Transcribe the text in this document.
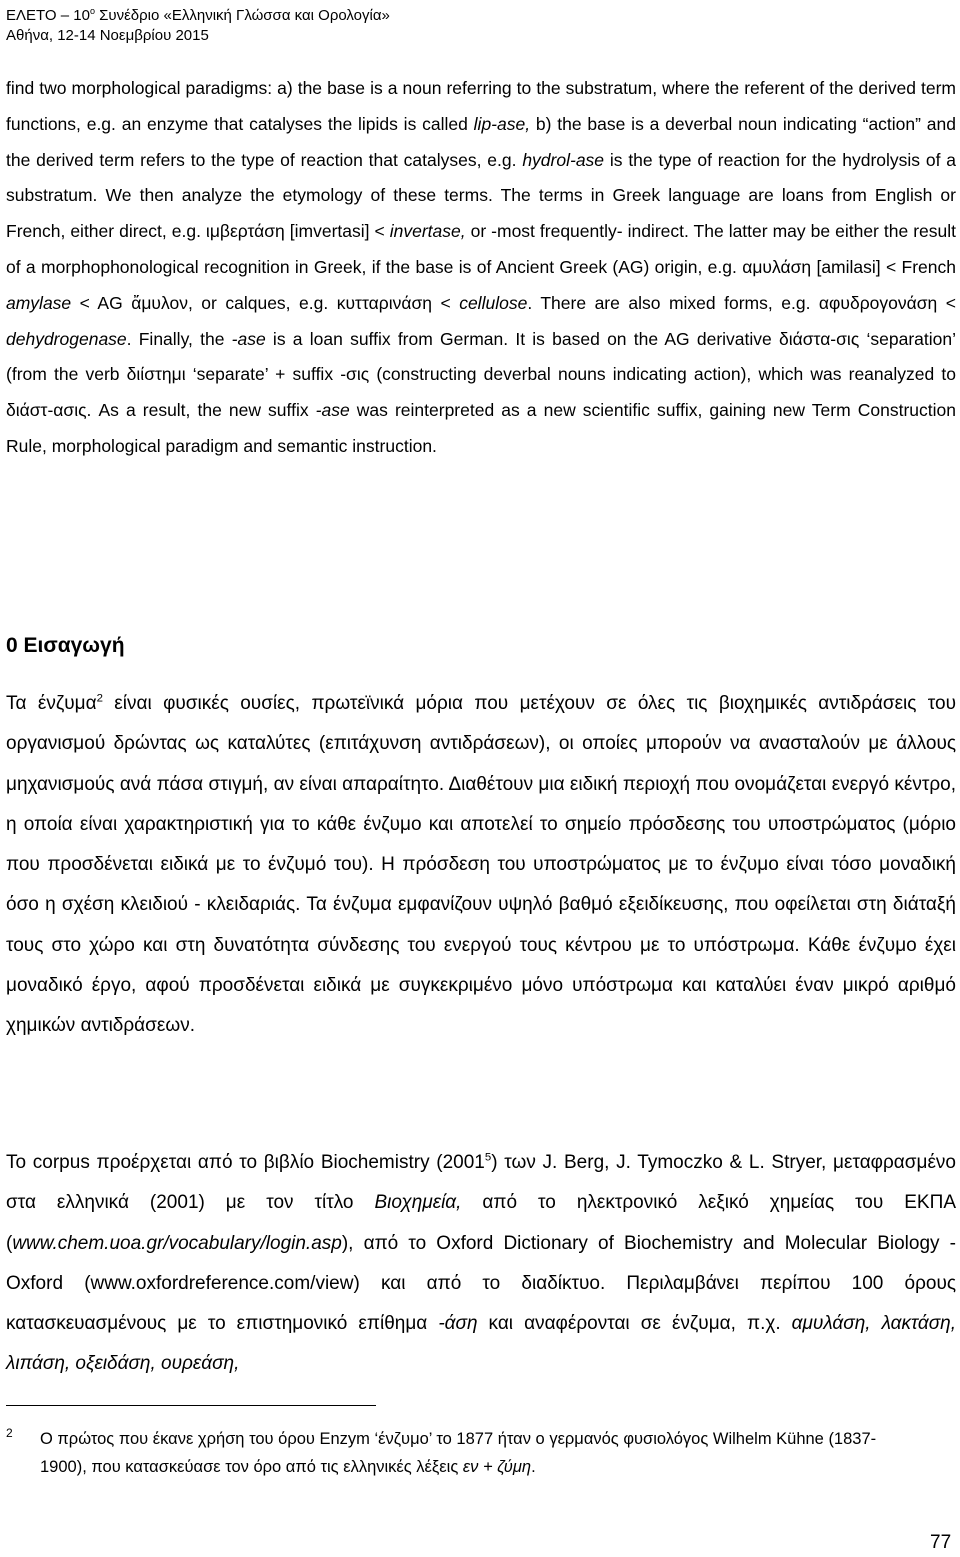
ΕΛΕΤΟ – $10^o$ Συνέδριο «Ελληνική Γλώσσα και Ορολογία»
Αθήνα, 12-14 Νοεμβρίου 2015

find two morphological paradigms: a) the base is a noun referring to the substratum, where the referent of the derived term functions, e.g. an enzyme that catalyses the lipids is called lip-ase, b) the base is a deverbal noun indicating “action” and the derived term refers to the type of reaction that catalyses, e.g. hydrol-ase is the type of reaction for the hydrolysis of a substratum. We then analyze the etymology of these terms. The terms in Greek language are loans from English or French, either direct, e.g. ιμβερτάση [imvertasi] < invertase, or -most frequently- indirect. The latter may be either the result of a morphophonological recognition in Greek, if the base is of Ancient Greek (AG) origin, e.g. αμυλάση [amilasi] < French amylase < AG ἄμυλον, or calques, e.g. κυτταρινάση < cellulose. There are also mixed forms, e.g. αφυδρογονάση < dehydrogenase. Finally, the -ase is a loan suffix from German. It is based on the AG derivative διάστα-σις ‘separation’ (from the verb διίστημι ‘separate’ + suffix -σις (constructing deverbal nouns indicating action), which was reanalyzed to διάστ-ασις. As a result, the new suffix -ase was reinterpreted as a new scientific suffix, gaining new Term Construction Rule, morphological paradigm and semantic instruction.

0 Εισαγωγή

Τα ένζυμα$^2$ είναι φυσικές ουσίες, πρωτεϊνικά μόρια που μετέχουν σε όλες τις βιοχημικές αντιδράσεις του οργανισμού δρώντας ως καταλύτες (επιτάχυνση αντιδράσεων), οι οποίες μπορούν να ανασταλούν με άλλους μηχανισμούς ανά πάσα στιγμή, αν είναι απαραίτητο. Διαθέτουν μια ειδική περιοχή που ονομάζεται ενεργό κέντρο, η οποία είναι χαρακτηριστική για το κάθε ένζυμο και αποτελεί το σημείο πρόσδεσης του υποστρώματος (μόριο που προσδένεται ειδικά με το ένζυμό του). Η πρόσδεση του υποστρώματος με το ένζυμο είναι τόσο μοναδική όσο η σχέση κλειδιού - κλειδαριάς. Τα ένζυμα εμφανίζουν υψηλό βαθμό εξειδίκευσης, που οφείλεται στη διάταξή τους στο χώρο και στη δυνατότητα σύνδεσης του ενεργού τους κέντρου με το υπόστρωμα. Κάθε ένζυμο έχει μοναδικό έργο, αφού προσδένεται ειδικά με συγκεκριμένο μόνο υπόστρωμα και καταλύει έναν μικρό αριθμό χημικών αντιδράσεων.

Το corpus προέρχεται από το βιβλίο Biochemistry (2001$^5$) των J. Berg, J. Tymoczko & L. Stryer, μεταφρασμένο στα ελληνικά (2001) με τον τίτλο Βιοχημεία, από το ηλεκτρονικό λεξικό χημείας του ΕΚΠΑ (www.chem.uoa.gr/vocabulary/login.asp), από το Oxford Dictionary of Biochemistry and Molecular Biology - Oxford (www.oxfordreference.com/view) και από το διαδίκτυο. Περιλαμβάνει περίπου 100 όρους κατασκευασμένους με το επιστημονικό επίθημα -άση και αναφέρονται σε ένζυμα, π.χ. αμυλάση, λακτάση, λιπάση, οξειδάση, ουρεάση,

2	Ο πρώτος που έκανε χρήση του όρου Enzym ‘ένζυμο’ το 1877 ήταν ο γερμανός φυσιολόγος Wilhelm Kühne (1837-1900), που κατασκεύασε τον όρο από τις ελληνικές λέξεις εν + ζύμη.
77
